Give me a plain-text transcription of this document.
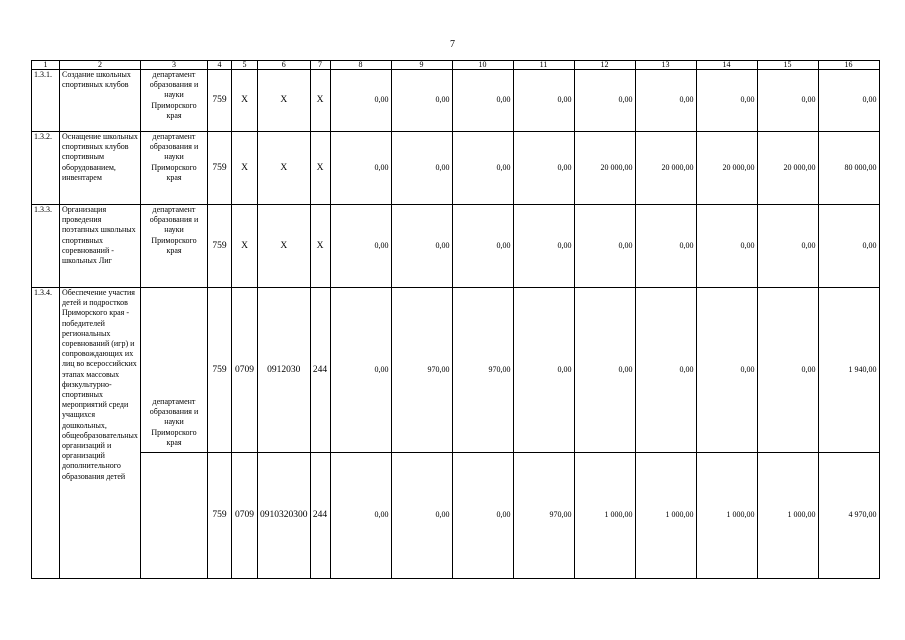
7
1	2	3	4	5	6	7	8	9	10	11	12	13	14	15	16
1.3.1.	Создание школьных спортивных клубов	департамент образования и науки Приморского края	759	Х	Х	Х	0,00	0,00	0,00	0,00	0,00	0,00	0,00	0,00	0,00
1.3.2.	Оснащение школьных спортивных клубов спортивным оборудованием, инвентарем	департамент образования и науки Приморского края	759	Х	Х	Х	0,00	0,00	0,00	0,00	20 000,00	20 000,00	20 000,00	20 000,00	80 000,00
1.3.3.	Организация проведения поэтапных школьных спортивных соревнований - школьных Лиг	департамент образования и науки Приморского края	759	Х	Х	Х	0,00	0,00	0,00	0,00	0,00	0,00	0,00	0,00	0,00
1.3.4.	Обеспечение участия детей и подростков Приморского края - победителей региональных соревнований (игр) и сопровождающих их лиц во всероссийских этапах массовых физкультурно-спортивных мероприятий среди учащихся дошкольных, общеобразовательных организаций и организаций дополнительного образования детей	департамент образования и науки Приморского края	759	0709	0912030	244	0,00	970,00	970,00	0,00	0,00	0,00	0,00	0,00	1 940,00
			759	0709	0910320300	244	0,00	0,00	0,00	970,00	1 000,00	1 000,00	1 000,00	1 000,00	4 970,00
